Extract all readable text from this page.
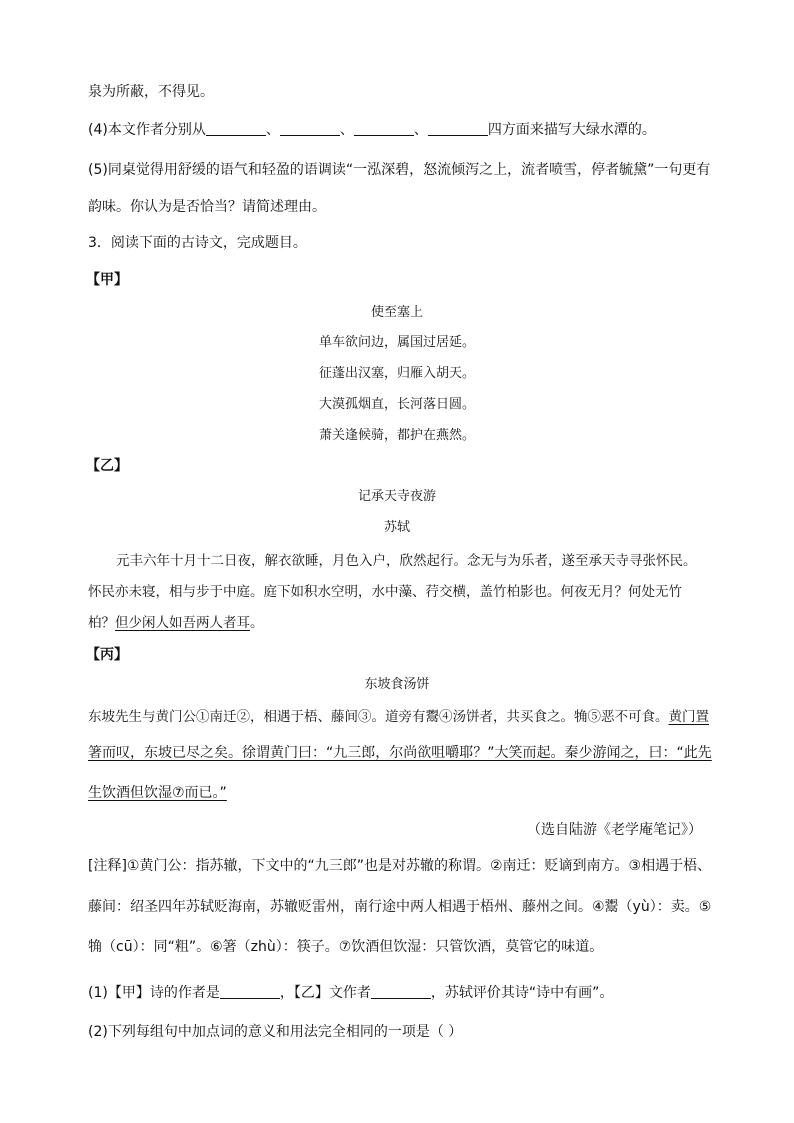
泉为所蔽，不得见。
(4)本文作者分别从	、	、	、	四方面来描写大绿水潭的。
(5)同桌觉得用舒缓的语气和轻盈的语调读“一泓深碧，怒流倾泻之上，流者喷雪，停者毓黛”一句更有
韵味。你认为是否恰当？请简述理由。
3．阅读下面的古诗文，完成题目。
【甲】
使至塞上
单车欲问边，属国过居延。
征蓬出汉塞，归雁入胡天。
大漠孤烟直，长河落日圆。
萧关逢候骑，都护在燕然。
【乙】
记承天寺夜游
苏轼
元丰六年十月十二日夜，解衣欲睡，月色入户，欣然起行。念无与为乐者，遂至承天寺寻张怀民。
怀民亦未寝，相与步于中庭。庭下如积水空明，水中藻、荇交横，盖竹柏影也。何夜无月？何处无竹
柏？但少闲人如吾两人者耳。
【丙】
东坡食汤饼
东坡先生与黄门公①南迁②，相遇于梧、藤间③。道旁有鬻④汤饼者，共买食之。觕⑤恶不可食。黄门置
箸而叹，东坡已尽之矣。徐谓黄门曰：“九三郎，尔尚欲咀嚼耶？”大笑而起。秦少游闻之，曰：“此先
生饮酒但饮湿⑦而已。”
（选自陆游《老学庵笔记》）
[注释]①黄门公：指苏辙，下文中的“九三郎”也是对苏辙的称谓。②南迁：贬谪到南方。③相遇于梧、
藤间：绍圣四年苏轼贬海南，苏辙贬雷州，南行途中两人相遇于梧州、藤州之间。④鬻（yù）：卖。⑤
觕（cū）：同“粗”。⑥箸（zhù）：筷子。⑦饮酒但饮湿：只管饮酒，莫管它的味道。
(1)【甲】诗的作者是	，【乙】文作者	，苏轼评价其诗“诗中有画”。
(2)下列每组句中加点词的意义和用法完全相同的一项是（ ）
